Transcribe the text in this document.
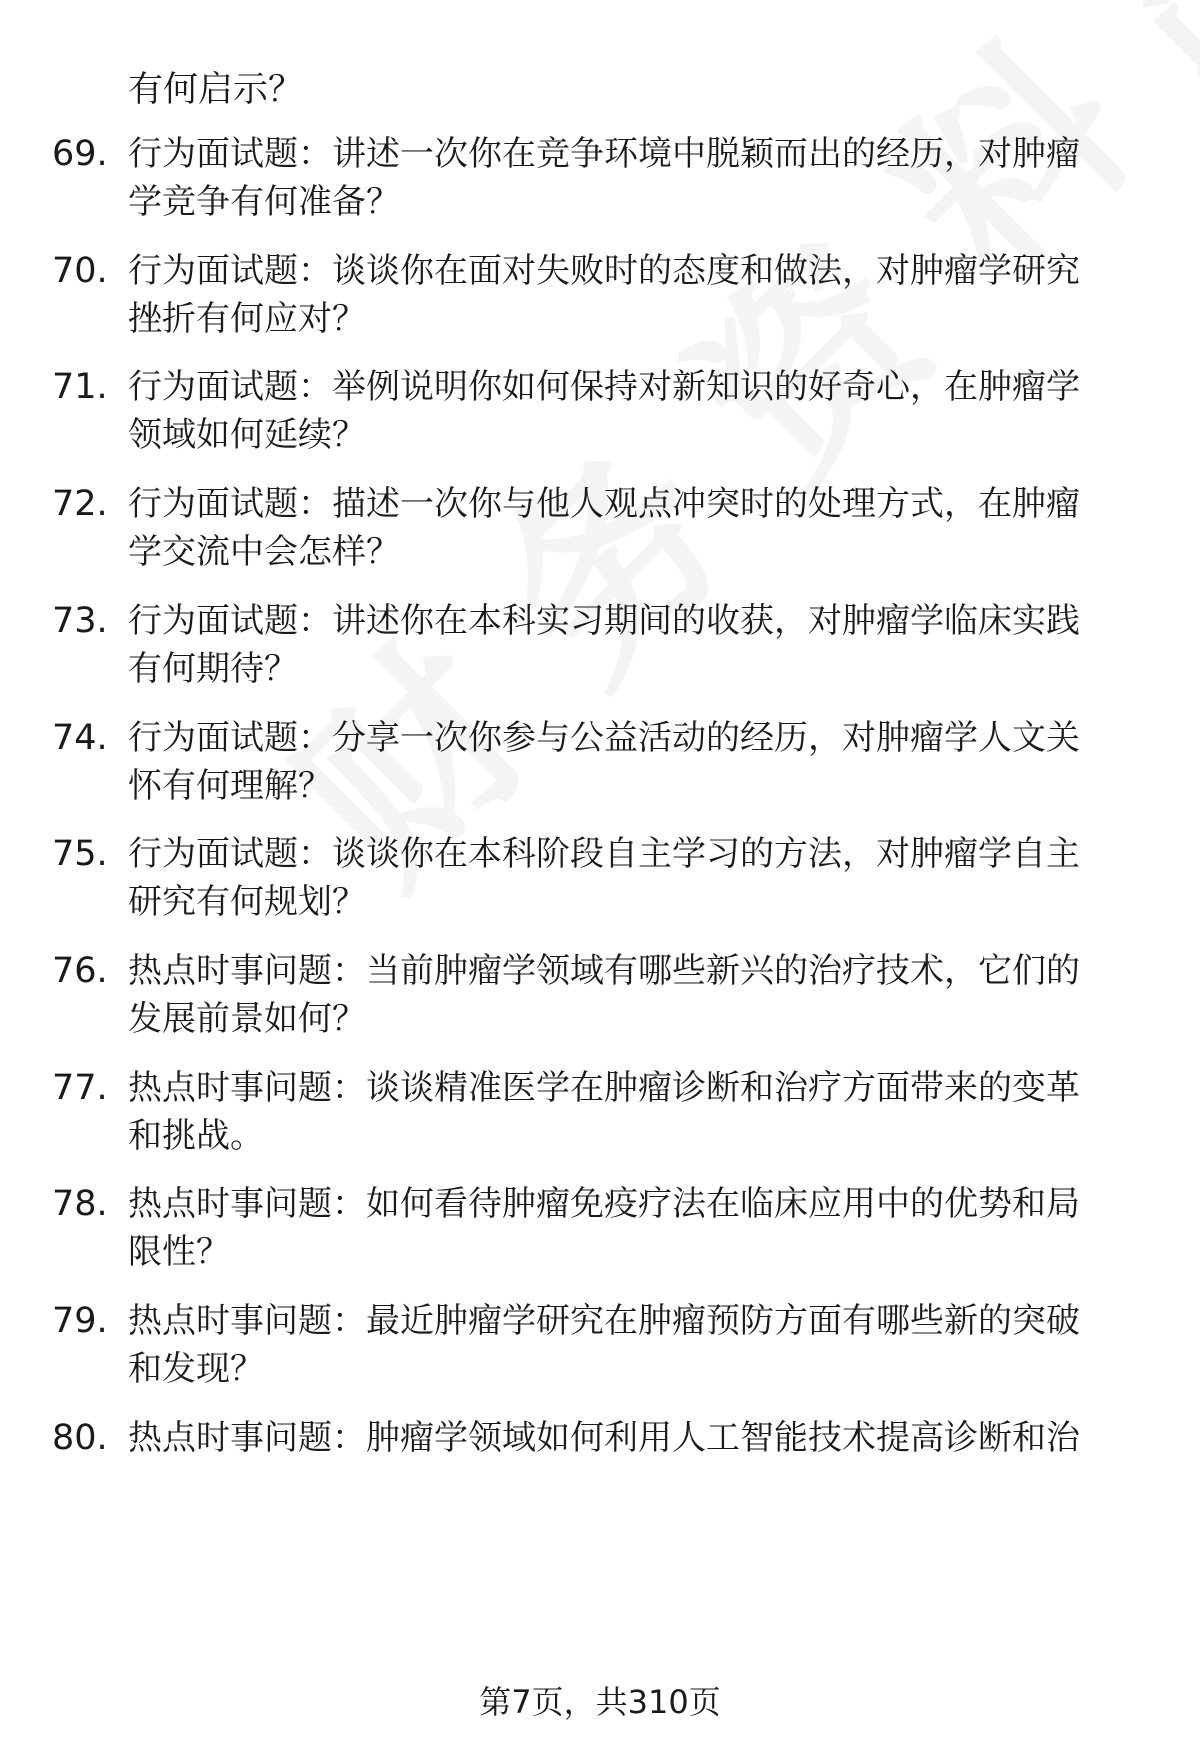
有何启示？
69. 行为面试题：讲述一次你在竞争环境中脱颖而出的经历，对肿瘤
学竞争有何准备？
70. 行为面试题：谈谈你在面对失败时的态度和做法，对肿瘤学研究
挫折有何应对？
71. 行为面试题：举例说明你如何保持对新知识的好奇心，在肿瘤学
领域如何延续？
72. 行为面试题：描述一次你与他人观点冲突时的处理方式，在肿瘤
学交流中会怎样？
73. 行为面试题：讲述你在本科实习期间的收获，对肿瘤学临床实践
有何期待？
74. 行为面试题：分享一次你参与公益活动的经历，对肿瘤学人文关
怀有何理解？
75. 行为面试题：谈谈你在本科阶段自主学习的方法，对肿瘤学自主
研究有何规划？
76. 热点时事问题：当前肿瘤学领域有哪些新兴的治疗技术，它们的
发展前景如何？
77. 热点时事问题：谈谈精准医学在肿瘤诊断和治疗方面带来的变革
和挑战。
78. 热点时事问题：如何看待肿瘤免疫疗法在临床应用中的优势和局
限性？
79. 热点时事问题：最近肿瘤学研究在肿瘤预防方面有哪些新的突破
和发现？
80. 热点时事问题：肿瘤学领域如何利用人工智能技术提高诊断和治
第7页，共310页
